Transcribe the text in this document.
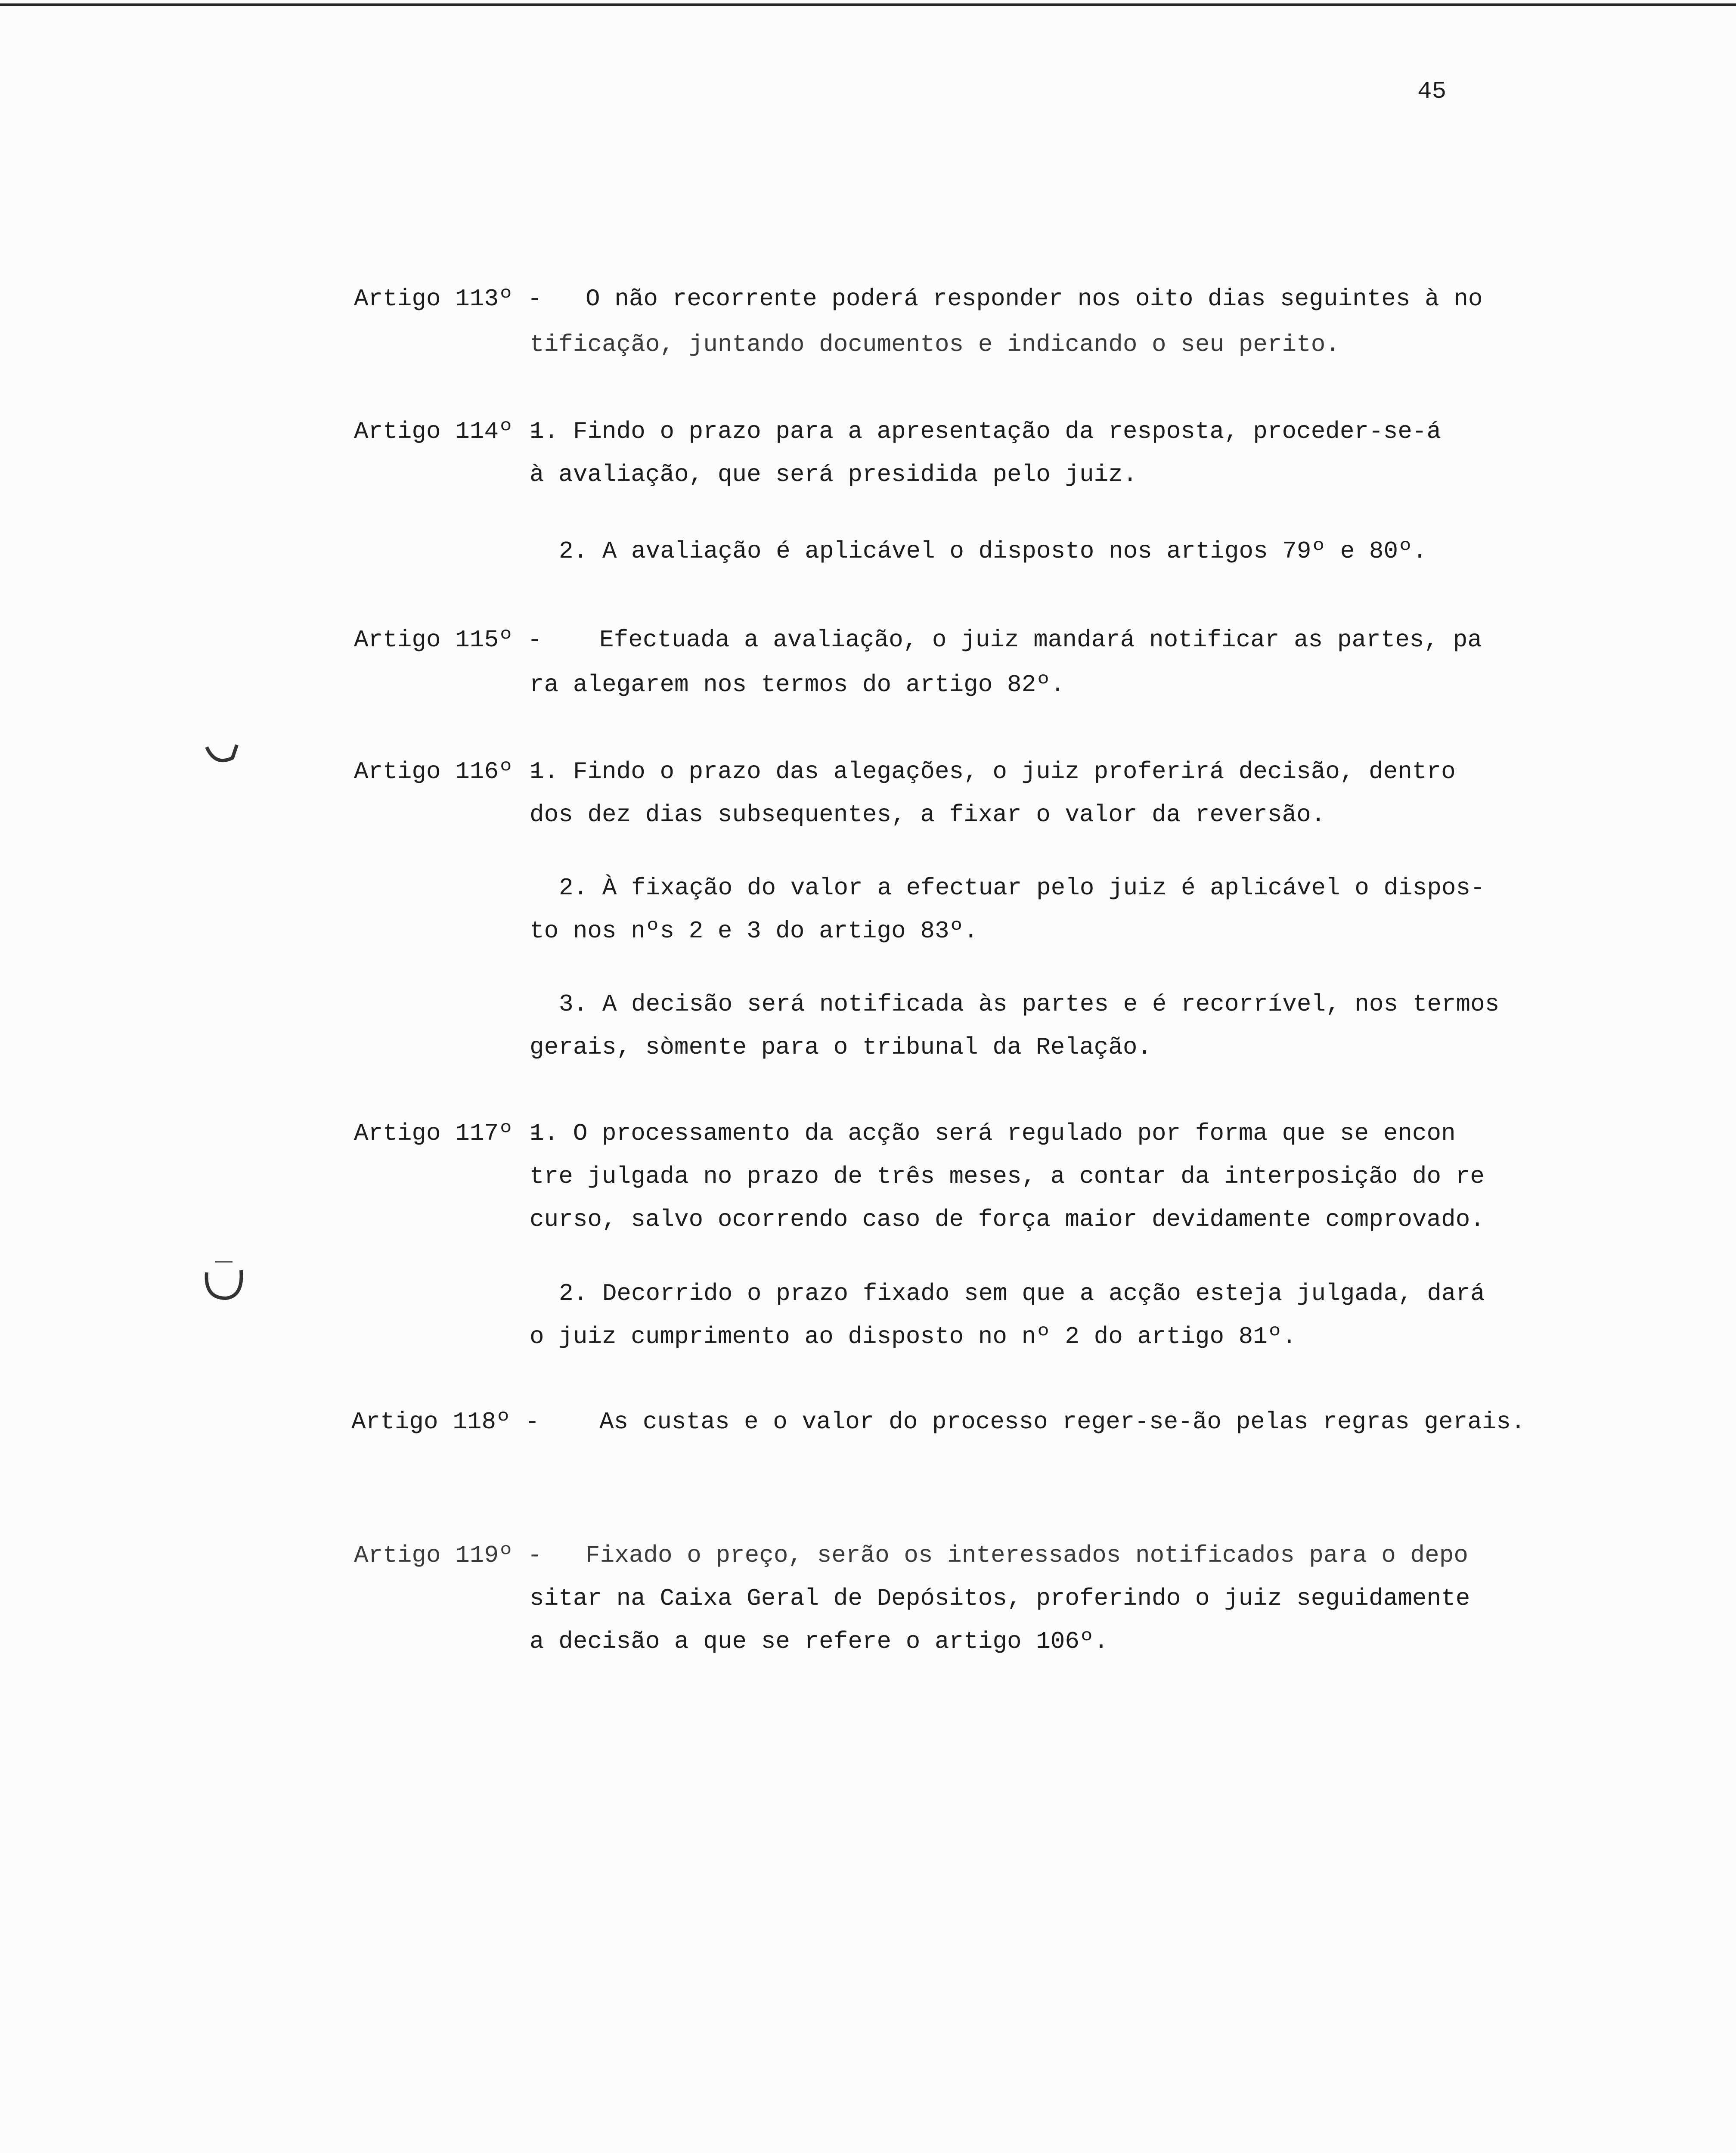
45
Artigo 113º - O não recorrente poderá responder nos oito dias seguintes à no
tificação, juntando documentos e indicando o seu perito.
Artigo 114º -
1. Findo o prazo para a apresentação da resposta, proceder-se-á
à avaliação, que será presidida pelo juiz.
2. A avaliação é aplicável o disposto nos artigos 79º e 80º.
Artigo 115º - Efectuada a avaliação, o juiz mandará notificar as partes, pa
ra alegarem nos termos do artigo 82º.
Artigo 116º -
1. Findo o prazo das alegações, o juiz proferirá decisão, dentro
dos dez dias subsequentes, a fixar o valor da reversão.
2. À fixação do valor a efectuar pelo juiz é aplicável o dispos-
to nos nºs 2 e 3 do artigo 83º.
3. A decisão será notificada às partes e é recorrível, nos termos
gerais, sòmente para o tribunal da Relação.
Artigo 117º -
1. O processamento da acção será regulado por forma que se encon
tre julgada no prazo de três meses, a contar da interposição do re
curso, salvo ocorrendo caso de força maior devidamente comprovado.
2. Decorrido o prazo fixado sem que a acção esteja julgada, dará
o juiz cumprimento ao disposto no nº 2 do artigo 81º.
Artigo 118º - As custas e o valor do processo reger-se-ão pelas regras gerais.
Artigo 119º - Fixado o preço, serão os interessados notificados para o depo
sitar na Caixa Geral de Depósitos, proferindo o juiz seguidamente
a decisão a que se refere o artigo 106º.
